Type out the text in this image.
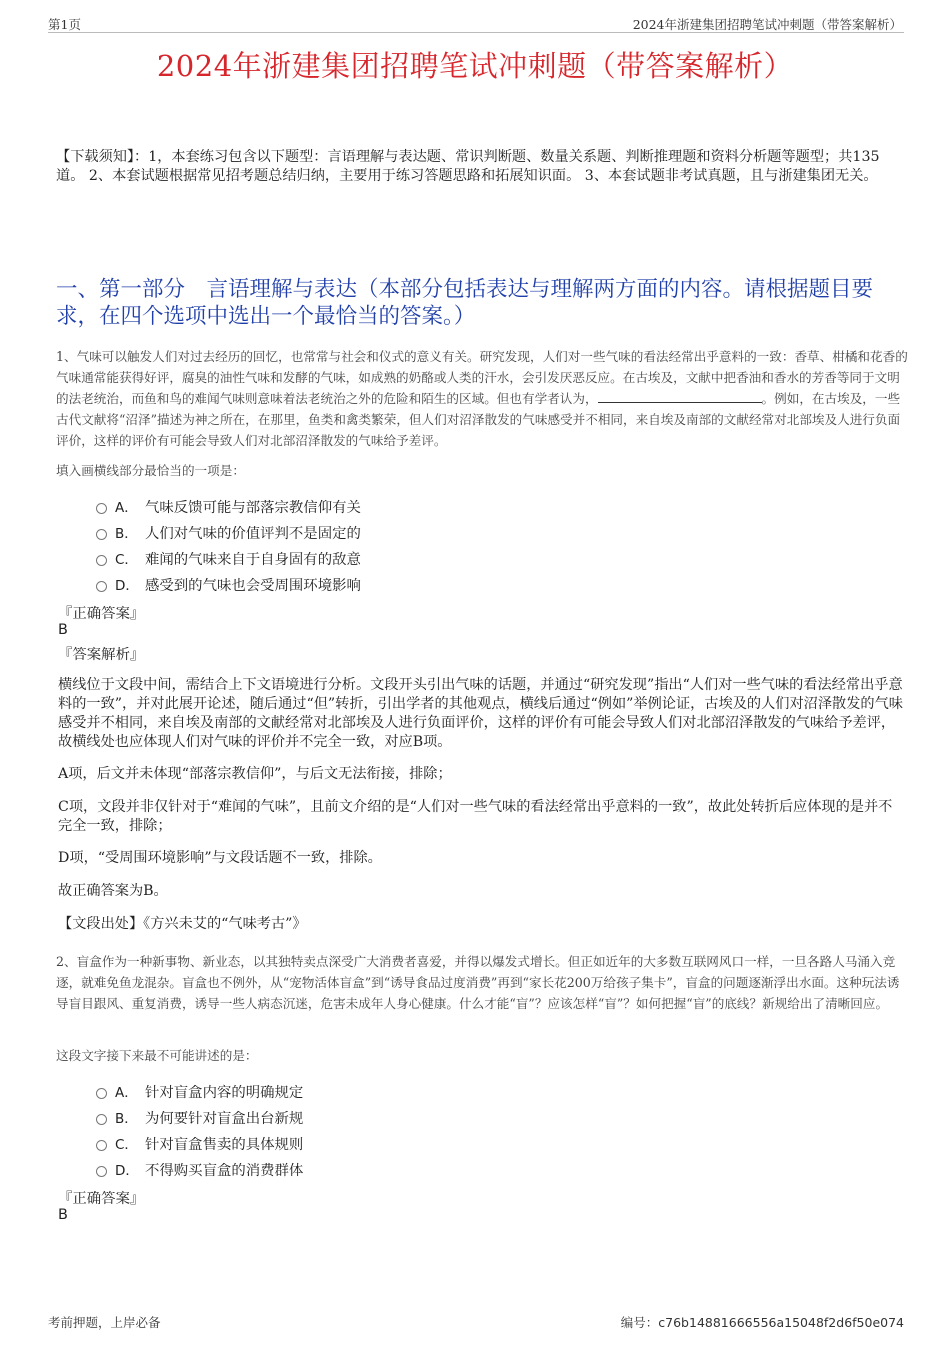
第1页	2024年浙建集团招聘笔试冲刺题（带答案解析）
2024年浙建集团招聘笔试冲刺题（带答案解析）
【下载须知】：1，本套练习包含以下题型：言语理解与表达题、常识判断题、数量关系题、判断推理题和资料分析题等题型；共135道。 2、本套试题根据常见招考题总结归纳，主要用于练习答题思路和拓展知识面。 3、本套试题非考试真题，且与浙建集团无关。
一、第一部分　言语理解与表达（本部分包括表达与理解两方面的内容。请根据题目要求，在四个选项中选出一个最恰当的答案。）
1、气味可以触发人们对过去经历的回忆，也常常与社会和仪式的意义有关。研究发现，人们对一些气味的看法经常出乎意料的一致：香草、柑橘和花香的气味通常能获得好评，腐臭的油性气味和发酵的气味，如成熟的奶酪或人类的汗水，会引发厌恶反应。在古埃及，文献中把香油和香水的芳香等同于文明的法老统治，而鱼和鸟的难闻气味则意味着法老统治之外的危险和陌生的区域。但也有学者认为，	。例如，在古埃及，一些古代文献将“沼泽”描述为神之所在，在那里，鱼类和禽类繁荣，但人们对沼泽散发的气味感受并不相同，来自埃及南部的文献经常对北部埃及人进行负面评价，这样的评价有可能会导致人们对北部沼泽散发的气味给予差评。
填入画横线部分最恰当的一项是：
A． 气味反馈可能与部落宗教信仰有关
B． 人们对气味的价值评判不是固定的
C． 难闻的气味来自于自身固有的敌意
D． 感受到的气味也会受周围环境影响
『正确答案』
B
『答案解析』
横线位于文段中间，需结合上下文语境进行分析。文段开头引出气味的话题，并通过“研究发现”指出“人们对一些气味的看法经常出乎意料的一致”，并对此展开论述，随后通过“但”转折，引出学者的其他观点，横线后通过“例如”举例论证，古埃及的人们对沼泽散发的气味感受并不相同，来自埃及南部的文献经常对北部埃及人进行负面评价，这样的评价有可能会导致人们对北部沼泽散发的气味给予差评，故横线处也应体现人们对气味的评价并不完全一致，对应B项。
A项，后文并未体现“部落宗教信仰”，与后文无法衔接，排除；
C项，文段并非仅针对于“难闻的气味”，且前文介绍的是“人们对一些气味的看法经常出乎意料的一致”，故此处转折后应体现的是并不完全一致，排除；
D项，“受周围环境影响”与文段话题不一致，排除。
故正确答案为B。
【文段出处】《方兴未艾的“气味考古”》
2、盲盒作为一种新事物、新业态，以其独特卖点深受广大消费者喜爱，并得以爆发式增长。但正如近年的大多数互联网风口一样，一旦各路人马涌入竞逐，就难免鱼龙混杂。盲盒也不例外，从“宠物活体盲盒”到“诱导食品过度消费”再到“家长花200万给孩子集卡”，盲盒的问题逐渐浮出水面。这种玩法诱导盲目跟风、重复消费，诱导一些人病态沉迷，危害未成年人身心健康。什么才能“盲”？应该怎样“盲”？如何把握“盲”的底线？新规给出了清晰回应。
这段文字接下来最不可能讲述的是：
A． 针对盲盒内容的明确规定
B． 为何要针对盲盒出台新规
C． 针对盲盒售卖的具体规则
D． 不得购买盲盒的消费群体
『正确答案』
B
考前押题，上岸必备	编号：c76b14881666556a15048f2d6f50e074
